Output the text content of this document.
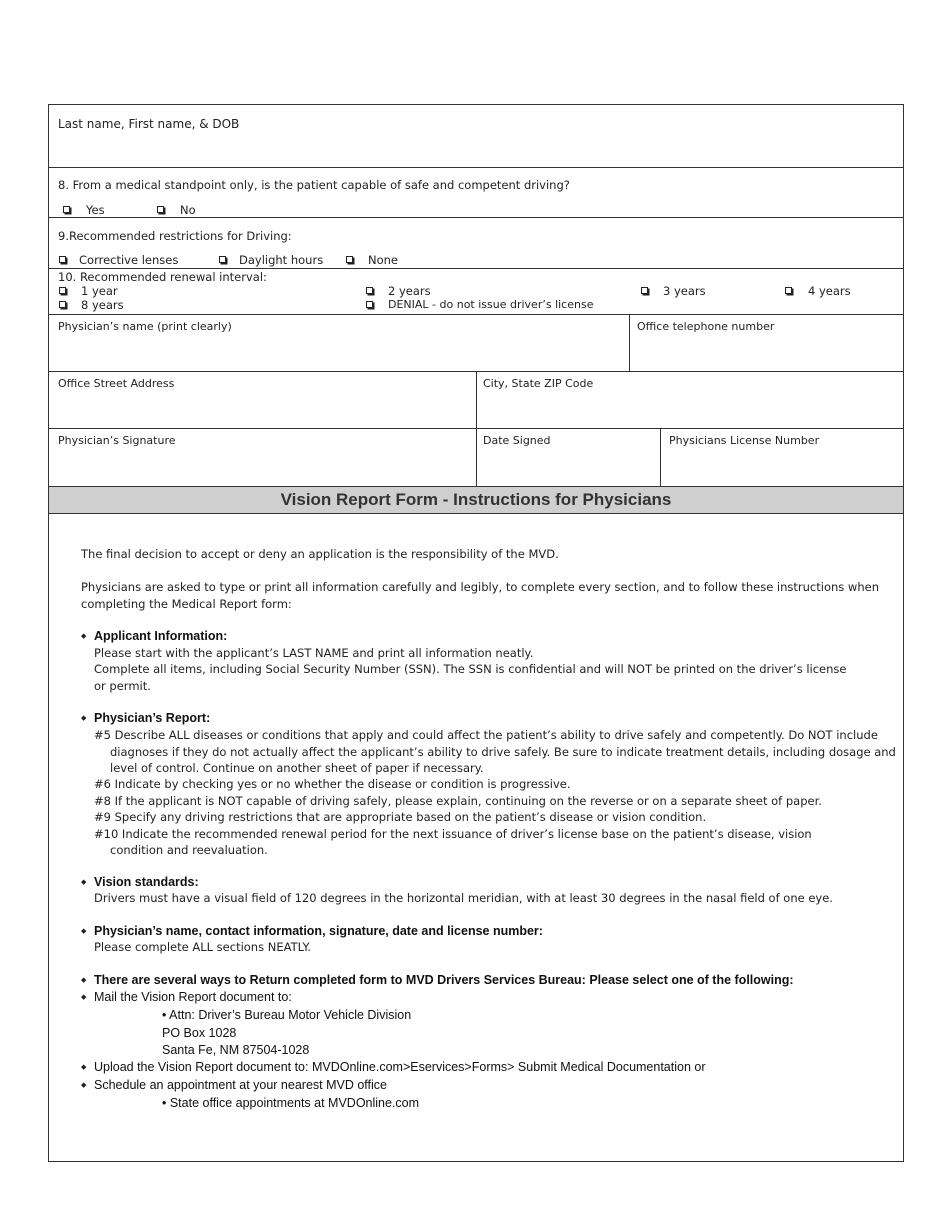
Last name, First name, & DOB
8. From a medical standpoint only, is the patient capable of safe and competent driving?
Yes	No
9.Recommended restrictions for Driving:
Corrective lenses	Daylight hours	None
10. Recommended renewal interval:
1 year	2 years	3 years	4 years
8 years	DENIAL - do not issue driver’s license
Physician’s name (print clearly)	Office telephone number
Office Street Address	City, State ZIP Code
Physician’s Signature	Date Signed	Physicians License Number
Vision Report Form - Instructions for Physicians
The final decision to accept or deny an application is the responsibility of the MVD.
Physicians are asked to type or print all information carefully and legibly, to complete every section, and to follow these instructions when
completing the Medical Report form:
◆ Applicant Information:
Please start with the applicant’s LAST NAME and print all information neatly.
Complete all items, including Social Security Number (SSN). The SSN is confidential and will NOT be printed on the driver’s license
or permit.
◆ Physician’s Report:
#5 Describe ALL diseases or conditions that apply and could affect the patient’s ability to drive safely and competently. Do NOT include
diagnoses if they do not actually affect the applicant’s ability to drive safely. Be sure to indicate treatment details, including dosage and
level of control. Continue on another sheet of paper if necessary.
#6 Indicate by checking yes or no whether the disease or condition is progressive.
#8 If the applicant is NOT capable of driving safely, please explain, continuing on the reverse or on a separate sheet of paper.
#9 Specify any driving restrictions that are appropriate based on the patient’s disease or vision condition.
#10 Indicate the recommended renewal period for the next issuance of driver’s license base on the patient’s disease, vision
condition and reevaluation.
◆ Vision standards:
Drivers must have a visual field of 120 degrees in the horizontal meridian, with at least 30 degrees in the nasal field of one eye.
◆ Physician’s name, contact information, signature, date and license number:
Please complete ALL sections NEATLY.
◆ There are several ways to Return completed form to MVD Drivers Services Bureau: Please select one of the following:
◆ Mail the Vision Report document to:
• Attn: Driver’s Bureau Motor Vehicle Division
PO Box 1028
Santa Fe, NM 87504-1028
◆ Upload the Vision Report document to: MVDOnline.com>Eservices>Forms> Submit Medical Documentation or
◆ Schedule an appointment at your nearest MVD office
• State office appointments at MVDOnline.com
